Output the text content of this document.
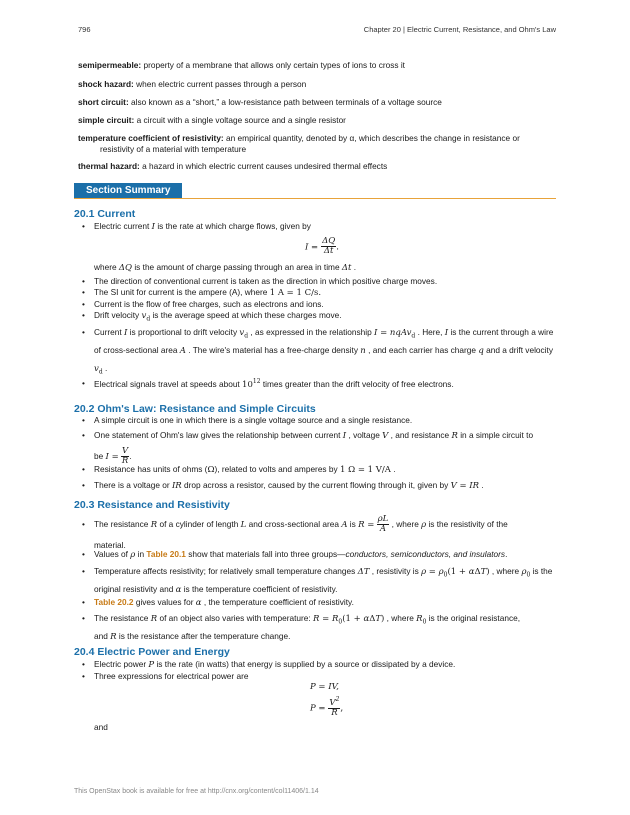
796	Chapter 20 | Electric Current, Resistance, and Ohm's Law
semipermeable: property of a membrane that allows only certain types of ions to cross it
shock hazard: when electric current passes through a person
short circuit: also known as a “short,” a low-resistance path between terminals of a voltage source
simple circuit: a circuit with a single voltage source and a single resistor
temperature coefficient of resistivity: an empirical quantity, denoted by α, which describes the change in resistance or
resistivity of a material with temperature
thermal hazard: a hazard in which electric current causes undesired thermal effects
Section Summary
20.1 Current
• Electric current I is the rate at which charge flows, given by
$I = \frac{\Delta Q}{\Delta t}$ .
where ΔQ is the amount of charge passing through an area in time Δt .
• The direction of conventional current is taken as the direction in which positive charge moves.
• The SI unit for current is the ampere (A), where 1 A = 1 C/s.
• Current is the flow of free charges, such as electrons and ions.
• Drift velocity $v_d$ is the average speed at which these charges move.
• Current I is proportional to drift velocity $v_d$ , as expressed in the relationship I = nqAv$_d$ . Here, I is the current through a wire of cross-sectional area A . The wire's material has a free-charge density n , and each carrier has charge q and a drift velocity $v_d$ .
• Electrical signals travel at speeds about $10^{12}$ times greater than the drift velocity of free electrons.
20.2 Ohm's Law: Resistance and Simple Circuits
• A simple circuit is one in which there is a single voltage source and a single resistance.
• One statement of Ohm's law gives the relationship between current I , voltage V , and resistance R in a simple circuit to
be $I = \frac{V}{R}$ .
• Resistance has units of ohms (Ω), related to volts and amperes by 1 Ω = 1 V/A .
• There is a voltage or IR drop across a resistor, caused by the current flowing through it, given by V = IR .
20.3 Resistance and Resistivity
• The resistance R of a cylinder of length L and cross-sectional area A is $R = \frac{\rho L}{A}$ , where ρ is the resistivity of the
material.
• Values of ρ in Table 20.1 show that materials fall into three groups—conductors, semiconductors, and insulators.
• Temperature affects resistivity; for relatively small temperature changes ΔT , resistivity is $\rho = \rho_0(1 + \alpha\Delta T)$ , where $\rho_0$ is the original resistivity and α is the temperature coefficient of resistivity.
• Table 20.2 gives values for α , the temperature coefficient of resistivity.
• The resistance R of an object also varies with temperature: $R = R_0(1 + \alpha\Delta T)$ , where $R_0$ is the original resistance,
and R is the resistance after the temperature change.
20.4 Electric Power and Energy
• Electric power P is the rate (in watts) that energy is supplied by a source or dissipated by a device.
• Three expressions for electrical power are
P = IV,
$P = \frac{V^2}{R}$ ,
and
This OpenStax book is available for free at http://cnx.org/content/col11406/1.14
